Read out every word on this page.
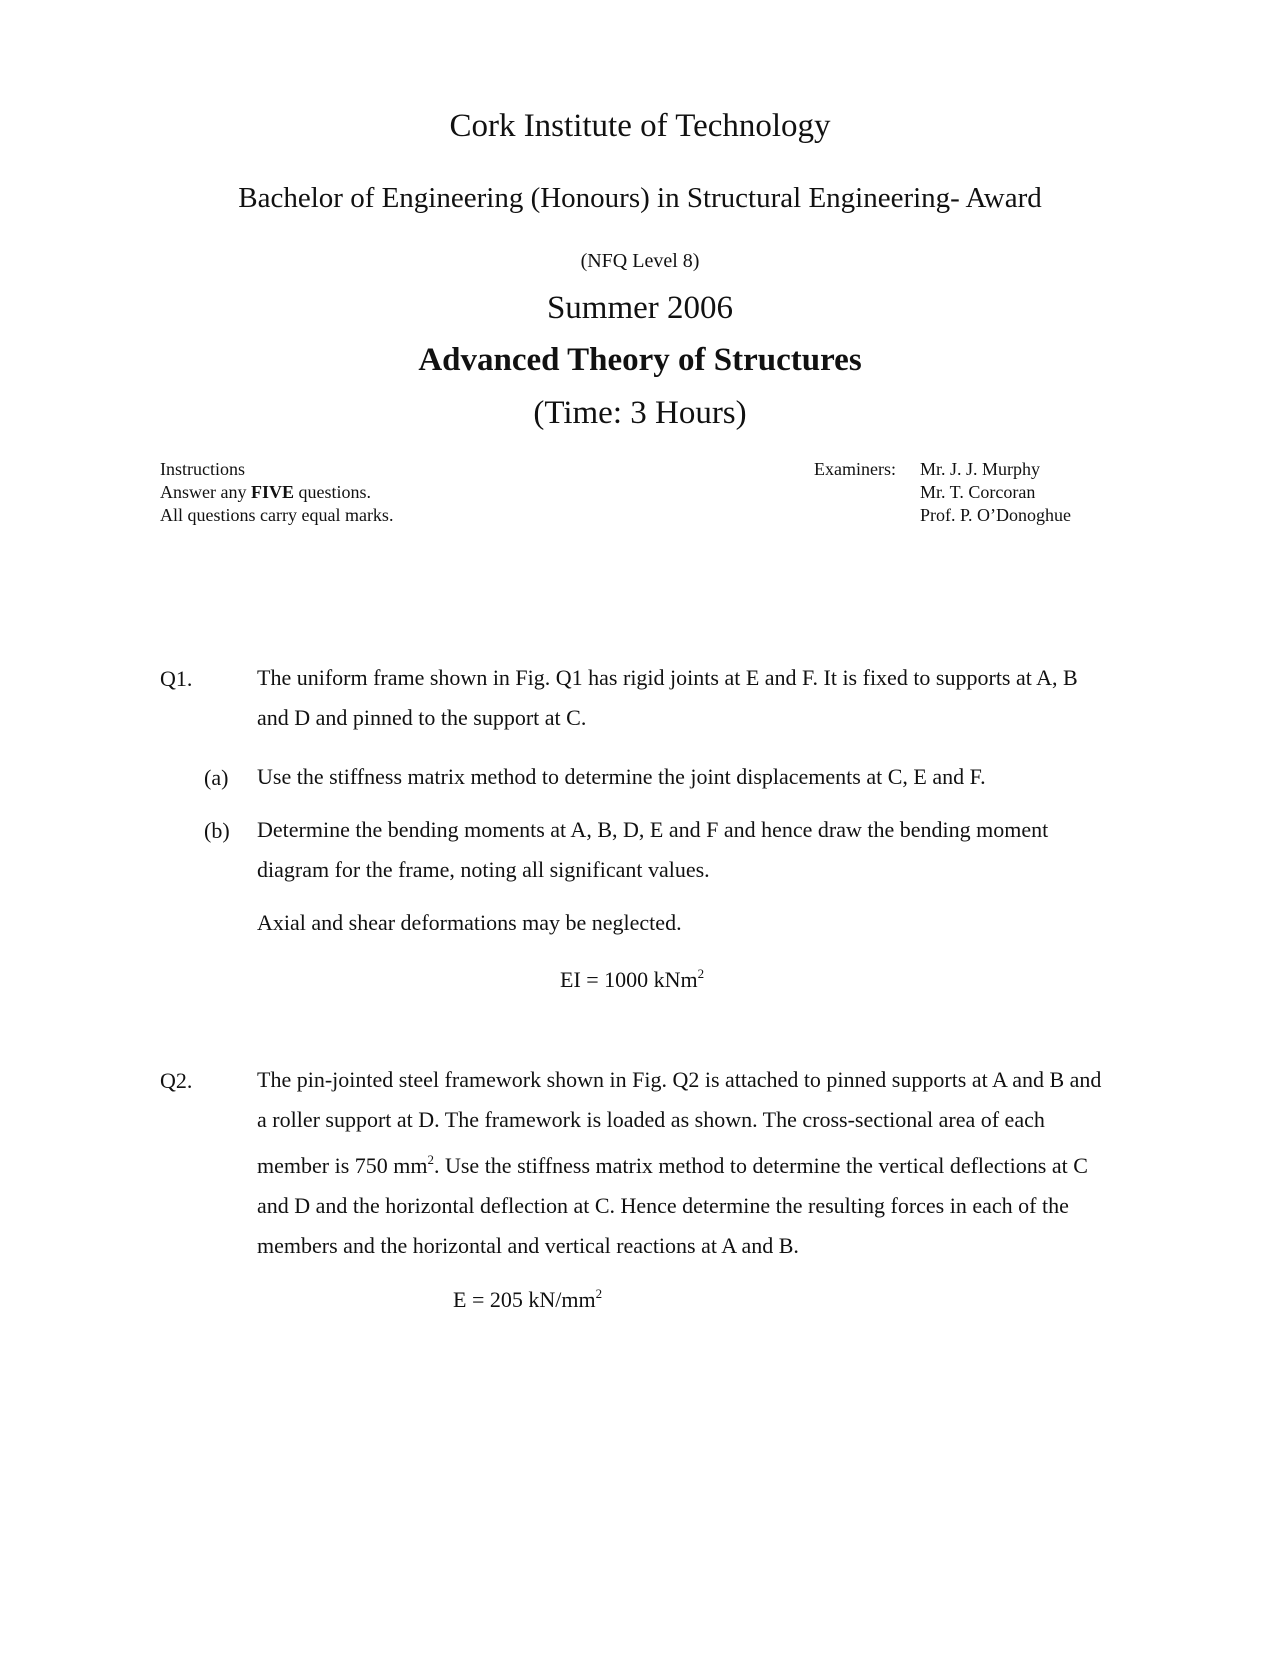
Cork Institute of Technology
Bachelor of Engineering (Honours) in Structural Engineering- Award
(NFQ Level 8)
Summer 2006
Advanced Theory of Structures
(Time: 3 Hours)
Instructions
Answer any FIVE questions.
All questions carry equal marks.
Examiners: Mr. J. J. Murphy
Mr. T. Corcoran
Prof. P. O’Donoghue
Q1.	The uniform frame shown in Fig. Q1 has rigid joints at E and F. It is fixed to supports at A, B and D and pinned to the support at C.
(a) Use the stiffness matrix method to determine the joint displacements at C, E and F.
(b) Determine the bending moments at A, B, D, E and F and hence draw the bending moment diagram for the frame, noting all significant values.
Axial and shear deformations may be neglected.
EI = 1000 kNm$^2$
Q2.	The pin-jointed steel framework shown in Fig. Q2 is attached to pinned supports at A and B and a roller support at D. The framework is loaded as shown. The cross-sectional area of each member is 750 $mm^2$. Use the stiffness matrix method to determine the vertical deflections at C and D and the horizontal deflection at C. Hence determine the resulting forces in each of the members and the horizontal and vertical reactions at A and B.
E = 205 $kN/mm^2$
